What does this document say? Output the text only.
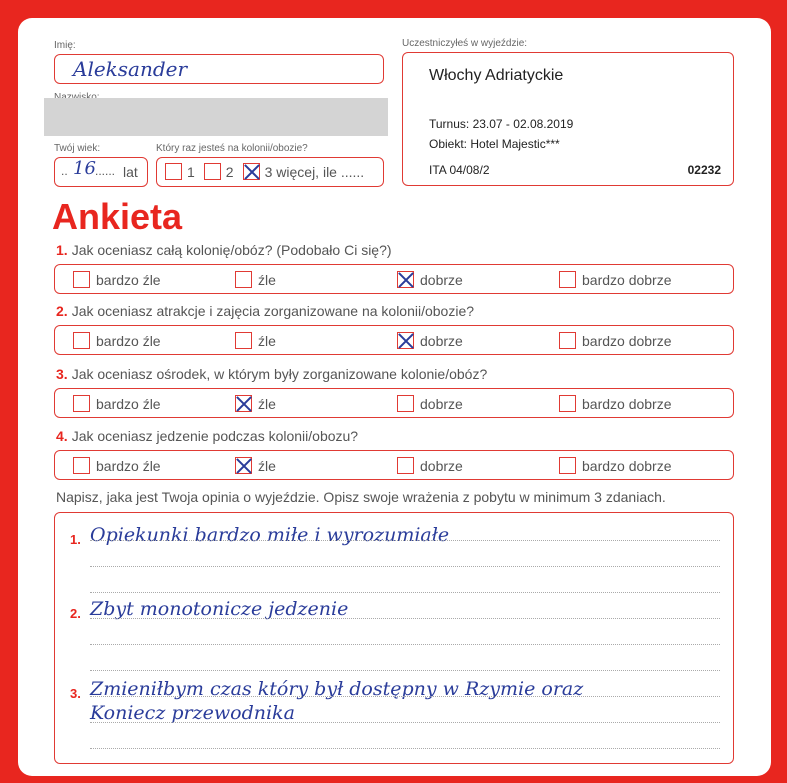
Imię:
Aleksander
Twój wiek:
.. 16 ...... lat
Który raz jesteś na kolonii/obozie?
1 2 3 więcej, ile ......
Uczestniczyłeś w wyjeździe:
Włochy Adriatyckie
Turnus: 23.07 - 02.08.2019
Obiekt: Hotel Majestic***
ITA 04/08/2	02232
Ankieta
1. Jak oceniasz całą kolonię/obóz? (Podobało Ci się?)
bardzo źle	źle	dobrze	bardzo dobrze
2. Jak oceniasz atrakcje i zajęcia zorganizowane na kolonii/obozie?
bardzo źle	źle	dobrze	bardzo dobrze
3. Jak oceniasz ośrodek, w którym były zorganizowane kolonie/obóz?
bardzo źle	źle	dobrze	bardzo dobrze
4. Jak oceniasz jedzenie podczas kolonii/obozu?
bardzo źle	źle	dobrze	bardzo dobrze
Napisz, jaka jest Twoja opinia o wyjeździe. Opisz swoje wrażenia z pobytu w minimum 3 zdaniach.
1. Opiekunki bardzo miłe i wyrozumiałe
2. Zbyt monotonicze jedzenie
3. Zmieniłbym czas który był dostępny w Rzymie oraz
Koniecz przewodnika
